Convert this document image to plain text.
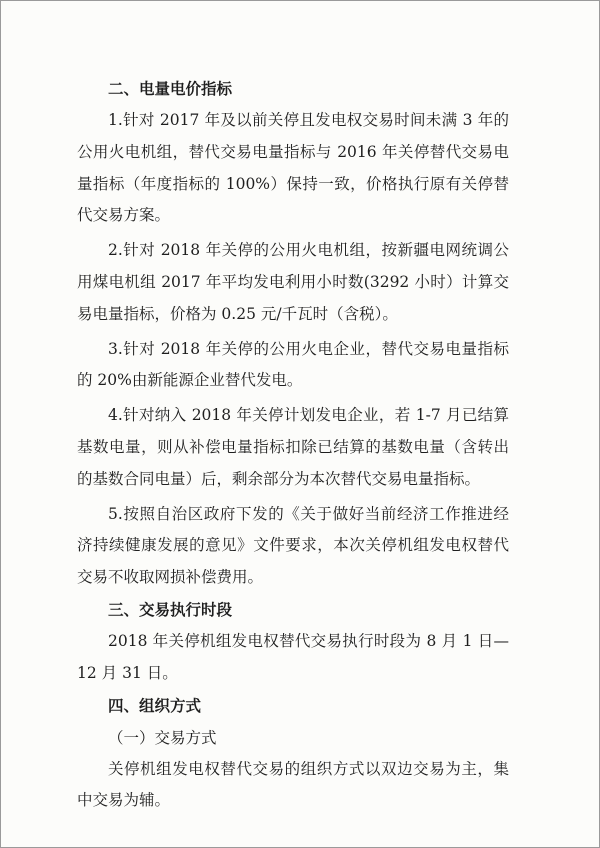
二、电量电价指标

1.针对 2017 年及以前关停且发电权交易时间未满 3 年的公用火电机组，替代交易电量指标与 2016 年关停替代交易电量指标（年度指标的 100%）保持一致，价格执行原有关停替代交易方案。

2.针对 2018 年关停的公用火电机组，按新疆电网统调公用煤电机组 2017 年平均发电利用小时数(3292 小时）计算交易电量指标，价格为 0.25 元/千瓦时（含税）。

3.针对 2018 年关停的公用火电企业，替代交易电量指标的 20%由新能源企业替代发电。

4.针对纳入 2018 年关停计划发电企业，若 1-7 月已结算基数电量，则从补偿电量指标扣除已结算的基数电量（含转出的基数合同电量）后，剩余部分为本次替代交易电量指标。

5.按照自治区政府下发的《关于做好当前经济工作推进经济持续健康发展的意见》文件要求，本次关停机组发电权替代交易不收取网损补偿费用。

三、交易执行时段

2018 年关停机组发电权替代交易执行时段为 8 月 1 日—12 月 31 日。

四、组织方式
（一）交易方式

关停机组发电权替代交易的组织方式以双边交易为主，集中交易为辅。
